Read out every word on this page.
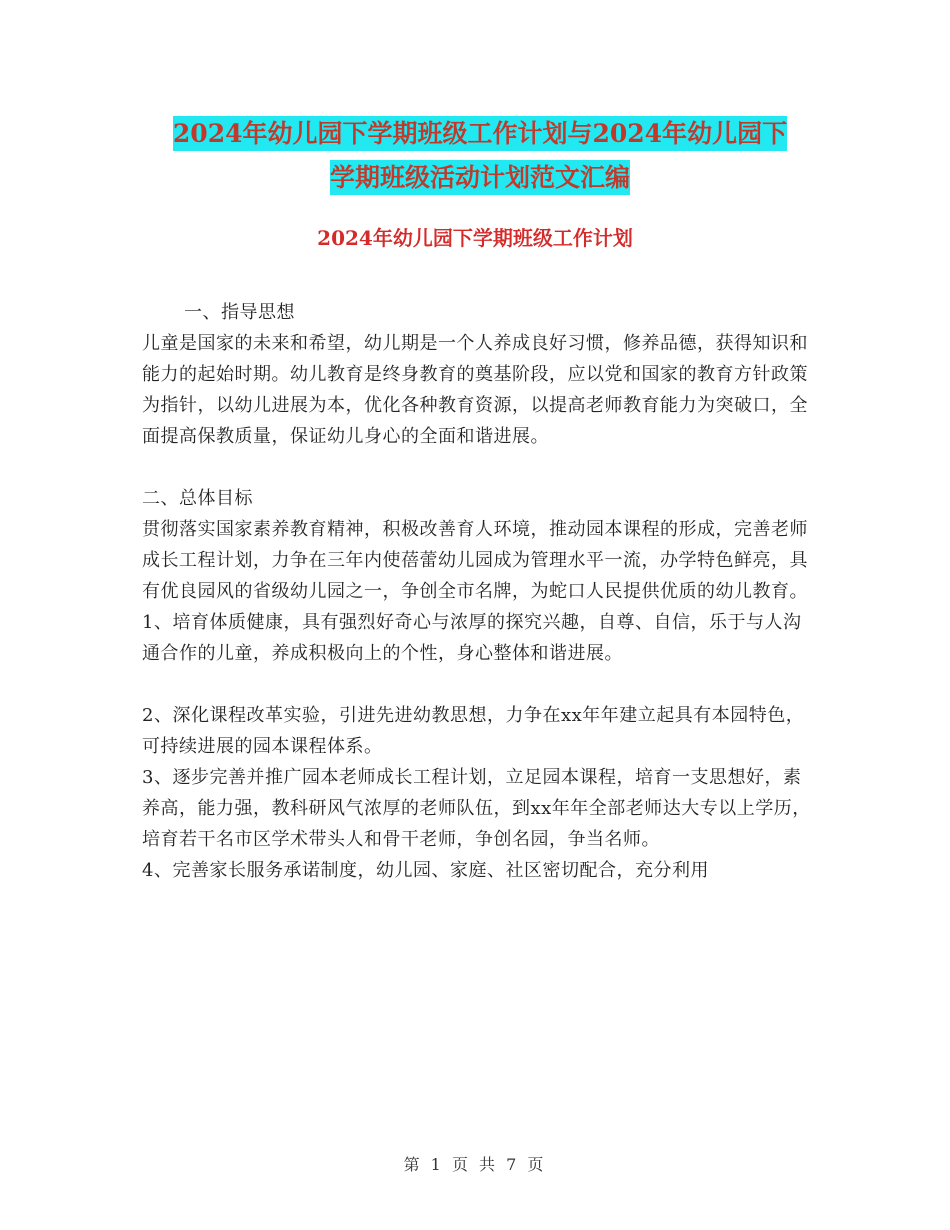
2024年幼儿园下学期班级工作计划与2024年幼儿园下
学期班级活动计划范文汇编
2024年幼儿园下学期班级工作计划

一、指导思想

儿童是国家的未来和希望，幼儿期是一个人养成良好习惯，修养品德，获得知识和能力的起始时期。幼儿教育是终身教育的奠基阶段，应以党和国家的教育方针政策为指针，以幼儿进展为本，优化各种教育资源，以提高老师教育能力为突破口，全面提高保教质量，保证幼儿身心的全面和谐进展。

二、总体目标

贯彻落实国家素养教育精神，积极改善育人环境，推动园本课程的形成，完善老师成长工程计划，力争在三年内使蓓蕾幼儿园成为管理水平一流，办学特色鲜亮，具有优良园风的省级幼儿园之一，争创全市名牌，为蛇口人民提供优质的幼儿教育。

1、培育体质健康，具有强烈好奇心与浓厚的探究兴趣，自尊、自信，乐于与人沟通合作的儿童，养成积极向上的个性，身心整体和谐进展。

2、深化课程改革实验，引进先进幼教思想，力争在xx年年建立起具有本园特色，可持续进展的园本课程体系。

3、逐步完善并推广园本老师成长工程计划，立足园本课程，培育一支思想好，素养高，能力强，教科研风气浓厚的老师队伍，到xx年年全部老师达大专以上学历，培育若干名市区学术带头人和骨干老师，争创名园，争当名师。

4、完善家长服务承诺制度，幼儿园、家庭、社区密切配合，充分利用

第 1 页 共 7 页
